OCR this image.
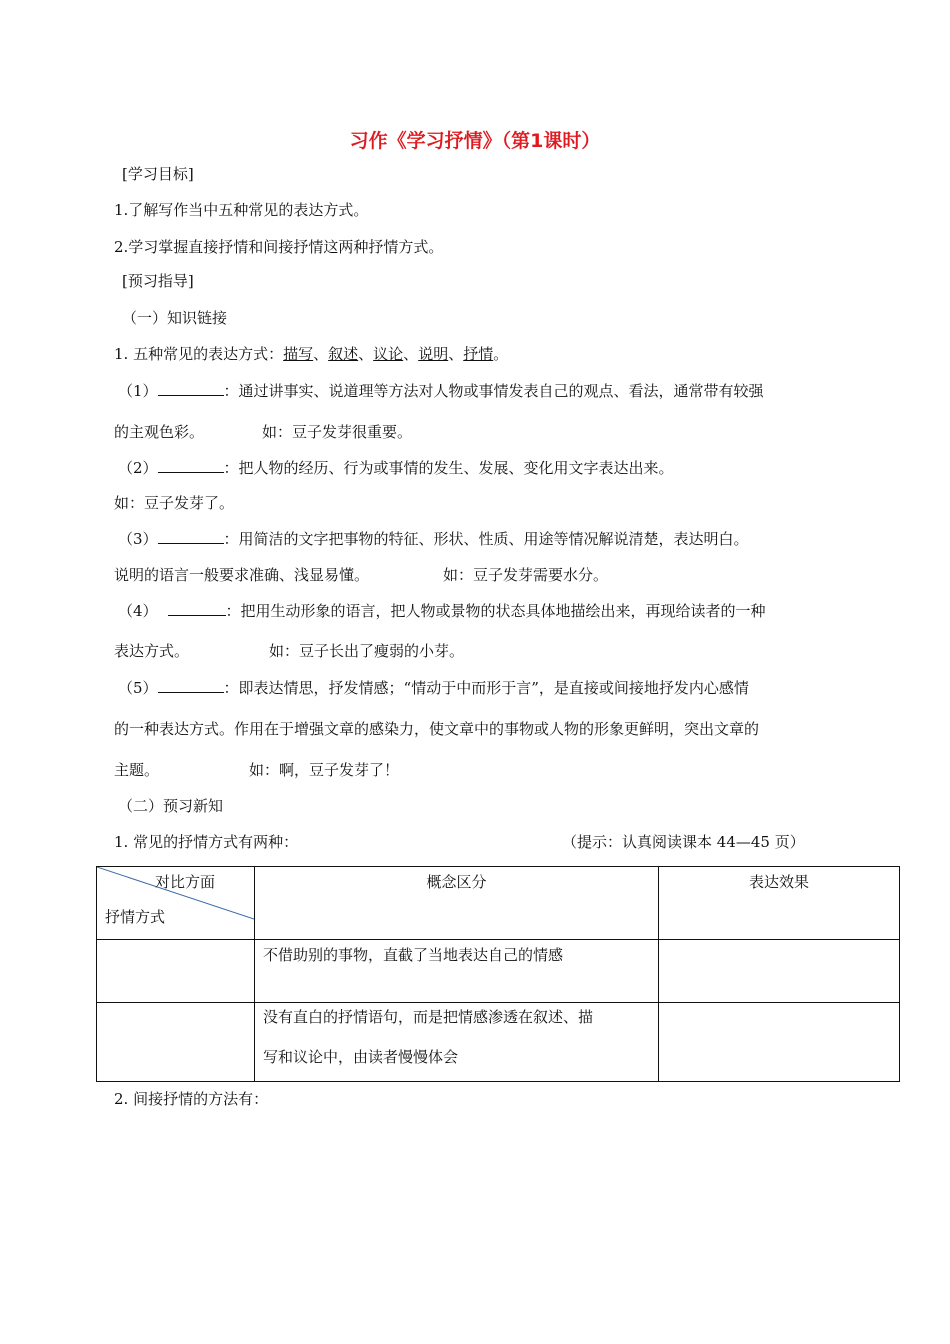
习作《学习抒情》（第1课时）
[学习目标]
1.了解写作当中五种常见的表达方式。
2.学习掌握直接抒情和间接抒情这两种抒情方式。
[预习指导]
（一）知识链接
1. 五种常见的表达方式：描写、叙述、议论、说明、抒情。
（1）	：通过讲事实、说道理等方法对人物或事情发表自己的观点、看法，通常带有较强
的主观色彩。	如：豆子发芽很重要。
（2）	：把人物的经历、行为或事情的发生、发展、变化用文字表达出来。
如：豆子发芽了。
（3）	：用简洁的文字把事物的特征、形状、性质、用途等情况解说清楚，表达明白。
说明的语言一般要求准确、浅显易懂。	如：豆子发芽需要水分。
（4）	：把用生动形象的语言，把人物或景物的状态具体地描绘出来，再现给读者的一种
表达方式。	如：豆子长出了瘦弱的小芽。
（5）	：即表达情思，抒发情感；“情动于中而形于言”，是直接或间接地抒发内心感情
的一种表达方式。作用在于增强文章的感染力，使文章中的事物或人物的形象更鲜明，突出文章的
主题。	如：啊，豆子发芽了！
（二）预习新知
1. 常见的抒情方式有两种：	（提示：认真阅读课本 44—45 页）
对比方面
抒情方式	概念区分	表达效果
	不借助别的事物，直截了当地表达自己的情感	

	没有直白的抒情语句，而是把情感渗透在叙述、描
写和议论中，由读者慢慢体会	

2. 间接抒情的方法有：
